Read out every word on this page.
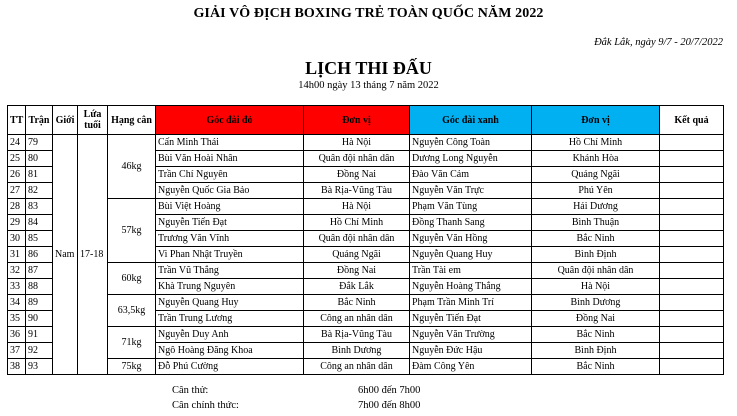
GIẢI VÔ ĐỊCH BOXING TRẺ TOÀN QUỐC NĂM 2022
Đắk Lắk, ngày 9/7 - 20/7/2022
LỊCH THI ĐẤU
14h00 ngày 13 tháng 7 năm 2022
TT	Trận	Giới	Lứa tuổi	Hạng cân	Góc đài đỏ	Đơn vị	Góc đài xanh	Đơn vị	Kết quả
24	79	Nam	17-18	46kg	Cấn Minh Thái	Hà Nội	Nguyễn Công Toàn	Hồ Chí Minh	
25	80				Bùi Văn Hoài Nhân	Quân đội nhân dân	Dương Long Nguyễn	Khánh Hòa	
26	81				Trần Chí Nguyên	Đồng Nai	Đào Văn Cảm	Quảng Ngãi	
27	82				Nguyễn Quốc Gia Bảo	Bà Rịa-Vũng Tàu	Nguyễn Văn Trực	Phú Yên	
28	83			57kg	Bùi Việt Hoàng	Hà Nội	Phạm Văn Tùng	Hải Dương	
29	84				Nguyễn Tiến Đạt	Hồ Chí Minh	Đồng Thanh Sang	Bình Thuận	
30	85				Trương Văn Vĩnh	Quân đội nhân dân	Nguyễn Văn Hồng	Bắc Ninh	
31	86				Vi Phan Nhật Truyền	Quảng Ngãi	Nguyễn Quang Huy	Bình Định	
32	87			60kg	Trần Vũ Thắng	Đồng Nai	Trần Tài em	Quân đội nhân dân	
33	88				Khà Trung Nguyên	Đắk Lắk	Nguyễn Hoàng Thắng	Hà Nội	
34	89			63,5kg	Nguyễn Quang Huy	Bắc Ninh	Phạm Trần Minh Trí	Bình Dương	
35	90				Trần Trung Lương	Công an nhân dân	Nguyễn Tiến Đạt	Đồng Nai	
36	91			71kg	Nguyễn Duy Anh	Bà Rịa-Vũng Tàu	Nguyễn Văn Trường	Bắc Ninh	
37	92				Ngô Hoàng Đăng Khoa	Bình Dương	Nguyễn Đức Hậu	Bình Định	
38	93			75kg	Đỗ Phú Cường	Công an nhân dân	Đàm Công Yên	Bắc Ninh	
Cân thử:	6h00 đến 7h00
Cân chính thức:	7h00 đến 8h00
